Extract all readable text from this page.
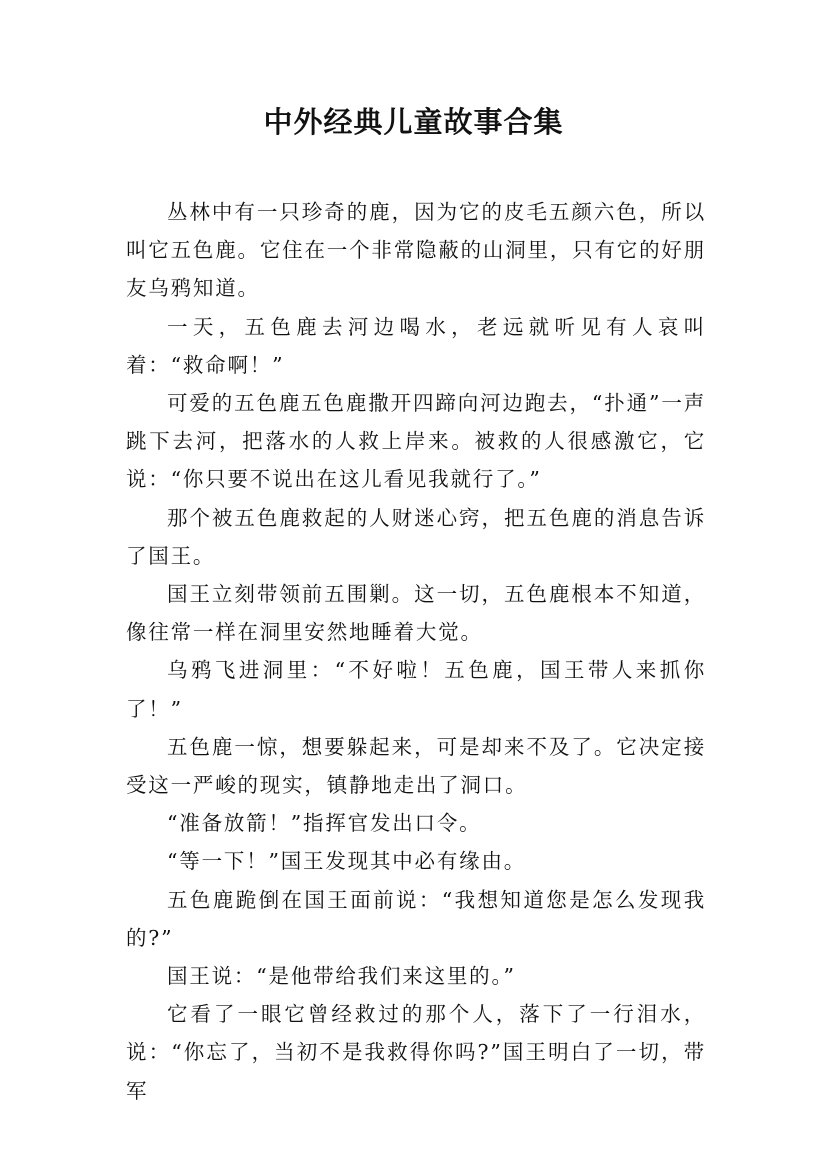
中外经典儿童故事合集

丛林中有一只珍奇的鹿，因为它的皮毛五颜六色，所以叫它五色鹿。它住在一个非常隐蔽的山洞里，只有它的好朋友乌鸦知道。

一天，五色鹿去河边喝水，老远就听见有人哀叫着：“救命啊！”

可爱的五色鹿五色鹿撒开四蹄向河边跑去，“扑通”一声跳下去河，把落水的人救上岸来。被救的人很感激它，它说：“你只要不说出在这儿看见我就行了。”

那个被五色鹿救起的人财迷心窍，把五色鹿的消息告诉了国王。

国王立刻带领前五围剿。这一切，五色鹿根本不知道，像往常一样在洞里安然地睡着大觉。

乌鸦飞进洞里：“不好啦！五色鹿，国王带人来抓你了！”

五色鹿一惊，想要躲起来，可是却来不及了。它决定接受这一严峻的现实，镇静地走出了洞口。

“准备放箭！”指挥官发出口令。

“等一下！”国王发现其中必有缘由。

五色鹿跪倒在国王面前说：“我想知道您是怎么发现我的?”

国王说：“是他带给我们来这里的。”

它看了一眼它曾经救过的那个人，落下了一行泪水，说：“你忘了，当初不是我救得你吗?”国王明白了一切，带军
